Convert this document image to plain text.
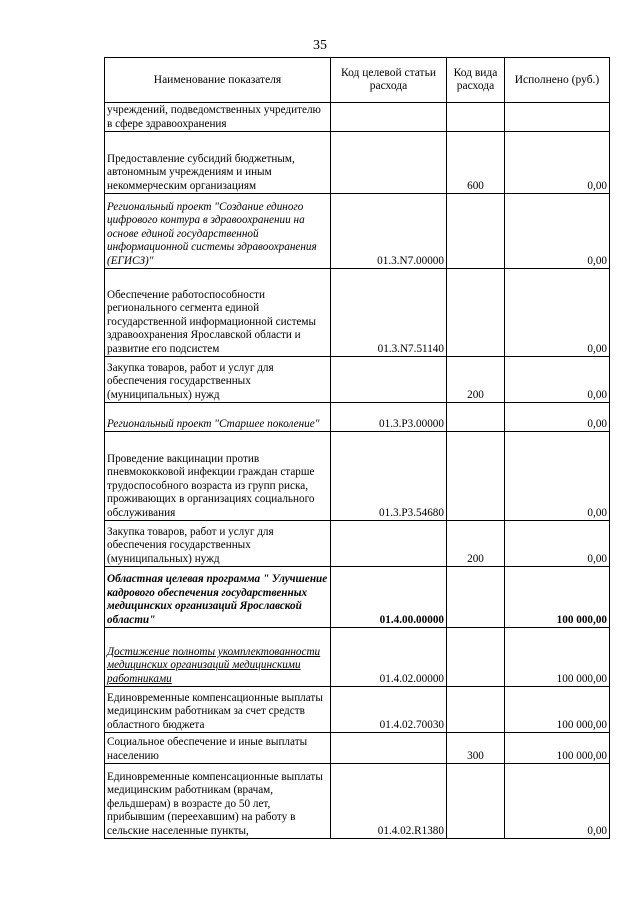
35
Наименование показателя	Код целевой статьи расхода	Код вида расхода	Исполнено (руб.)
учреждений, подведомственных учредителю в сфере здравоохранения			
Предоставление субсидий бюджетным, автономным учреждениям и иным некоммерческим организациям		600	0,00
Региональный проект "Создание единого цифрового контура в здравоохранении на основе единой государственной информационной системы здравоохранения (ЕГИСЗ)"	01.3.N7.00000		0,00
Обеспечение работоспособности регионального сегмента единой государственной информационной системы здравоохранения Ярославской области и развитие его подсистем	01.3.N7.51140		0,00
Закупка товаров, работ и услуг для обеспечения государственных (муниципальных) нужд		200	0,00
Региональный проект "Старшее поколение"	01.3.P3.00000		0,00
Проведение вакцинации против пневмококковой инфекции граждан старше трудоспособного возраста из групп риска, проживающих в организациях социального обслуживания	01.3.P3.54680		0,00
Закупка товаров, работ и услуг для обеспечения государственных (муниципальных) нужд		200	0,00
Областная целевая программа " Улучшение кадрового обеспечения государственных медицинских организаций Ярославской области"	01.4.00.00000		100 000,00
Достижение полноты укомплектованности медицинских организаций медицинскими работниками	01.4.02.00000		100 000,00
Единовременные компенсационные выплаты медицинским работникам за счет средств областного бюджета	01.4.02.70030		100 000,00
Социальное обеспечение и иные выплаты населению		300	100 000,00
Единовременные компенсационные выплаты медицинским работникам (врачам, фельдшерам) в возрасте до 50 лет, прибывшим (переехавшим) на работу в сельские населенные пункты,	01.4.02.R1380		0,00
